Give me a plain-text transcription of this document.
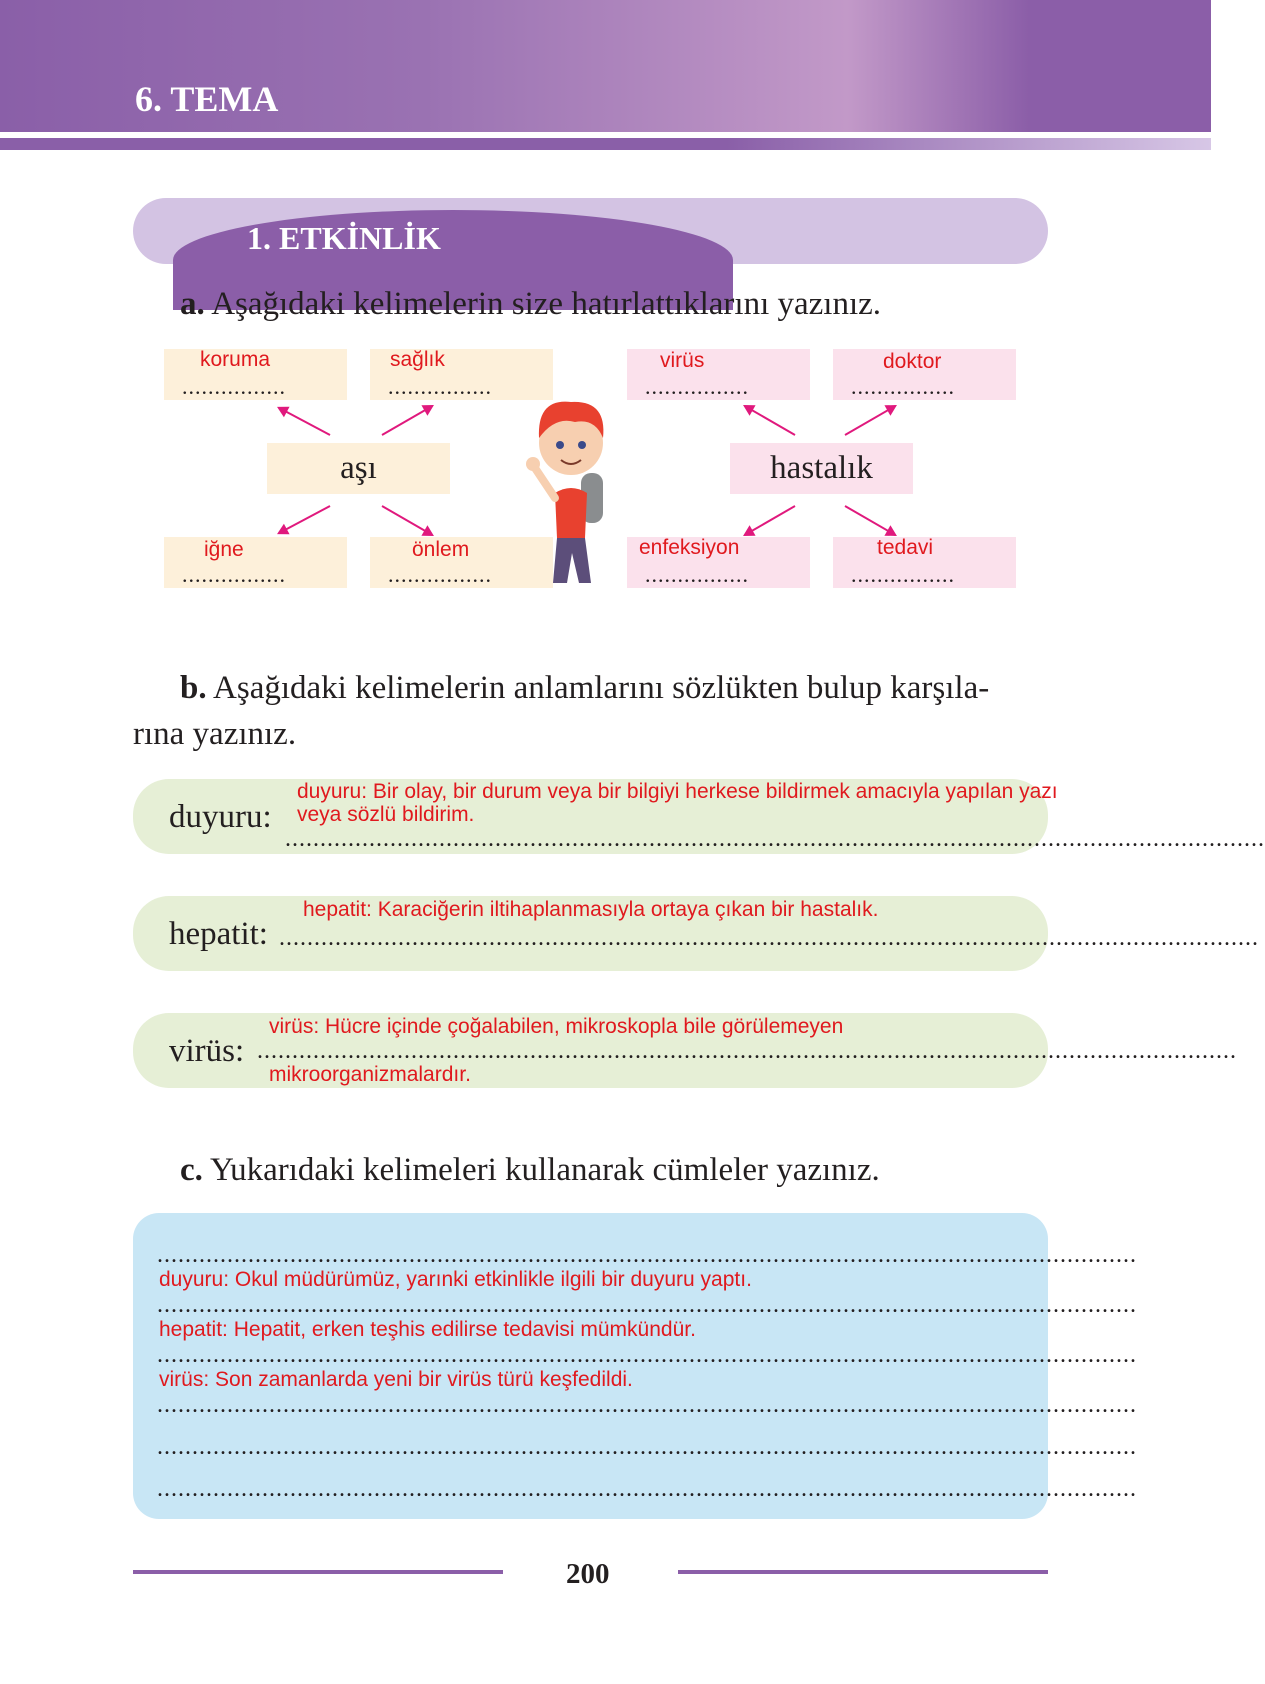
6. TEMA
1. ETKİNLİK
a. Aşağıdaki kelimelerin size hatırlattıklarını yazınız.
koruma
................
sağlık
................
iğne
................
önlem
................
virüs
................
doktor
................
enfeksiyon
................
tedavi
................
aşı	hastalık
b. Aşağıdaki kelimelerin anlamlarını sözlükten bulup karşıla-
rına yazınız.
duyuru:
............................................................................................................................................
duyuru: Bir olay, bir durum veya bir bilgiyi herkese bildirmek amacıyla yapılan yazı
veya sözlü bildirim.
hepatit: ............................................................................................................................................
hepatit: Karaciğerin iltihaplanmasıyla ortaya çıkan bir hastalık.
virüs: ............................................................................................................................................
virüs: Hücre içinde çoğalabilen, mikroskopla bile görülemeyen
mikroorganizmalardır.
c. Yukarıdaki kelimeleri kullanarak cümleler yazınız.
............................................................................................................................................
duyuru: Okul müdürümüz, yarınki etkinlikle ilgili bir duyuru yaptı.
............................................................................................................................................
hepatit: Hepatit, erken teşhis edilirse tedavisi mümkündür.
............................................................................................................................................
virüs: Son zamanlarda yeni bir virüs türü keşfedildi.
............................................................................................................................................
............................................................................................................................................
............................................................................................................................................
200
